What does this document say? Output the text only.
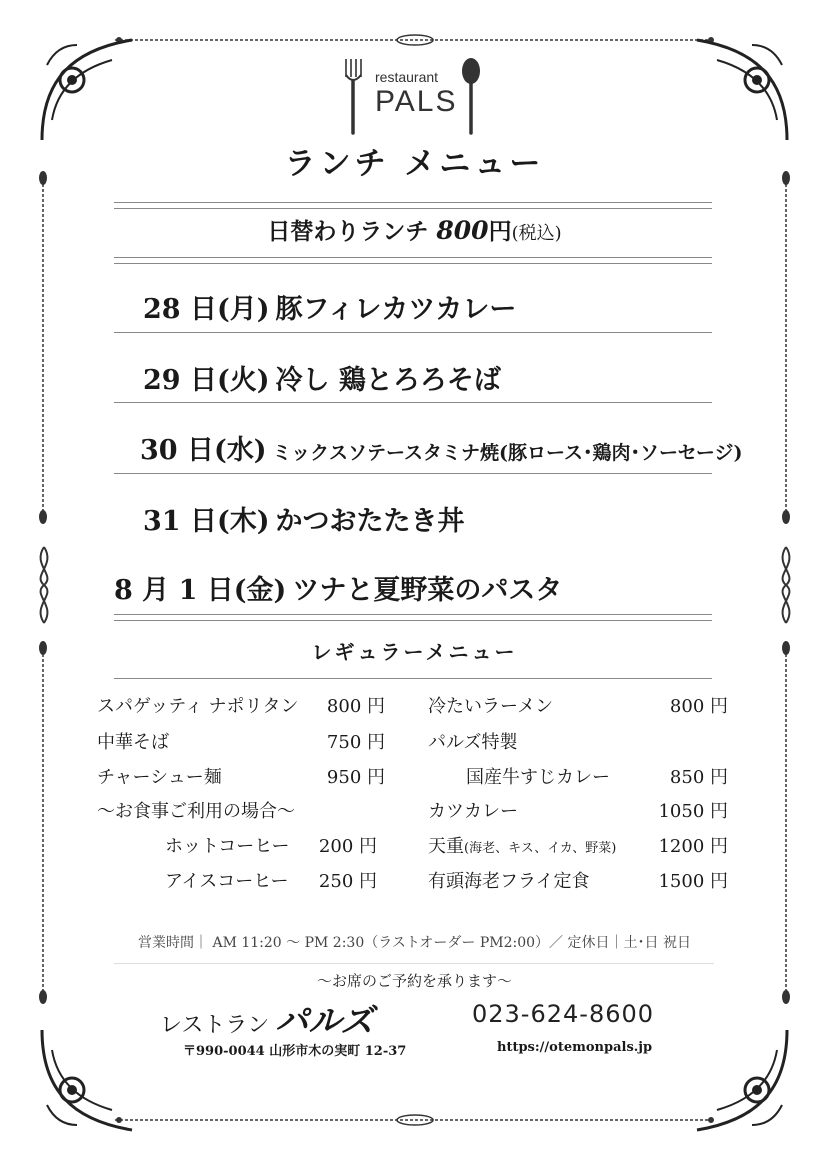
restaurant
PALS
ランチ メニュー
日替わりランチ 800円(税込)
28 日(月) 豚フィレカツカレー
29 日(火) 冷し 鶏とろろそば
30 日(水) ミックスソテースタミナ焼(豚ロース･鶏肉･ソーセージ)
31 日(木) かつおたたき丼
8 月 1 日(金) ツナと夏野菜のパスタ
レギュラーメニュー
スパゲッティ ナポリタン	800 円
中華そば	750 円
チャーシュー麺	950 円
～お食事ご利用の場合～
ホットコーヒー	200 円
アイスコーヒー	250 円
冷たいラーメン	800 円
パルズ特製
国産牛すじカレー	850 円
カツカレー	1050 円
天重(海老、キス、イカ、野菜)	1200 円
有頭海老フライ定食	1500 円
営業時間｜ AM 11:20 ～ PM 2:30（ラストオーダー PM2:00）／ 定休日｜土･日 祝日
～お席のご予約を承ります～
レストラン パルズ	023-624-8600
〒990-0044 山形市木の実町 12-37	https://otemonpals.jp
